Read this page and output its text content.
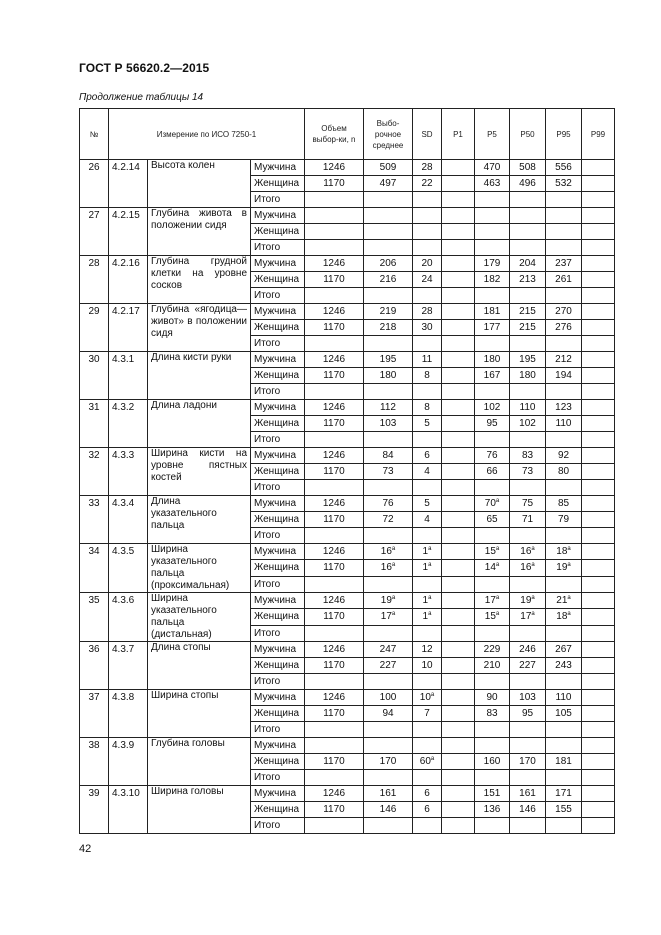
ГОСТ Р 56620.2—2015
Продолжение таблицы 14
№	Измерение по ИСО 7250-1			Объем выбор-ки, n	Выбо-рочное среднее	SD	P1	P5	P50	P95	P99
26	4.2.14	Высота колен	Мужчина	1246	509	28		470	508	556	
			Женщина	1170	497	22		463	496	532	
			Итого								
27	4.2.15	Глубина живота в положении сидя	Мужчина								
			Женщина								
			Итого								
28	4.2.16	Глубина грудной клетки на уровне сосков	Мужчина	1246	206	20		179	204	237	
			Женщина	1170	216	24		182	213	261	
			Итого								
29	4.2.17	Глубина «ягодица—живот» в положении сидя	Мужчина	1246	219	28		181	215	270	
			Женщина	1170	218	30		177	215	276	
			Итого								
30	4.3.1	Длина кисти руки	Мужчина	1246	195	11		180	195	212	
			Женщина	1170	180	8		167	180	194	
			Итого								
31	4.3.2	Длина ладони	Мужчина	1246	112	8		102	110	123	
			Женщина	1170	103	5		95	102	110	
			Итого								
32	4.3.3	Ширина кисти на уровне пястных костей	Мужчина	1246	84	6		76	83	92	
			Женщина	1170	73	4		66	73	80	
			Итого								
33	4.3.4	Длина указательного пальца	Мужчина	1246	76	5		70$^a$	75	85	
			Женщина	1170	72	4		65	71	79	
			Итого								
34	4.3.5	Ширина указательного пальца (проксимальная)	Мужчина	1246	16$^a$	1$^a$		15$^a$	16$^a$	18$^a$	
			Женщина	1170	16$^a$	1$^a$		14$^a$	16$^a$	19$^a$	
			Итого								
35	4.3.6	Ширина указательного пальца (дистальная)	Мужчина	1246	19$^a$	1$^a$		17$^a$	19$^a$	21$^a$	
			Женщина	1170	17$^a$	1$^a$		15$^a$	17$^a$	18$^a$	
			Итого								
36	4.3.7	Длина стопы	Мужчина	1246	247	12		229	246	267	
			Женщина	1170	227	10		210	227	243	
			Итого								
37	4.3.8	Ширина стопы	Мужчина	1246	100	10$^a$		90	103	110	
			Женщина	1170	94	7		83	95	105	
			Итого								
38	4.3.9	Глубина головы	Мужчина								
			Женщина	1170	170	60$^a$		160	170	181	
			Итого								
39	4.3.10	Ширина головы	Мужчина	1246	161	6		151	161	171	
			Женщина	1170	146	6		136	146	155	
			Итого								
42
